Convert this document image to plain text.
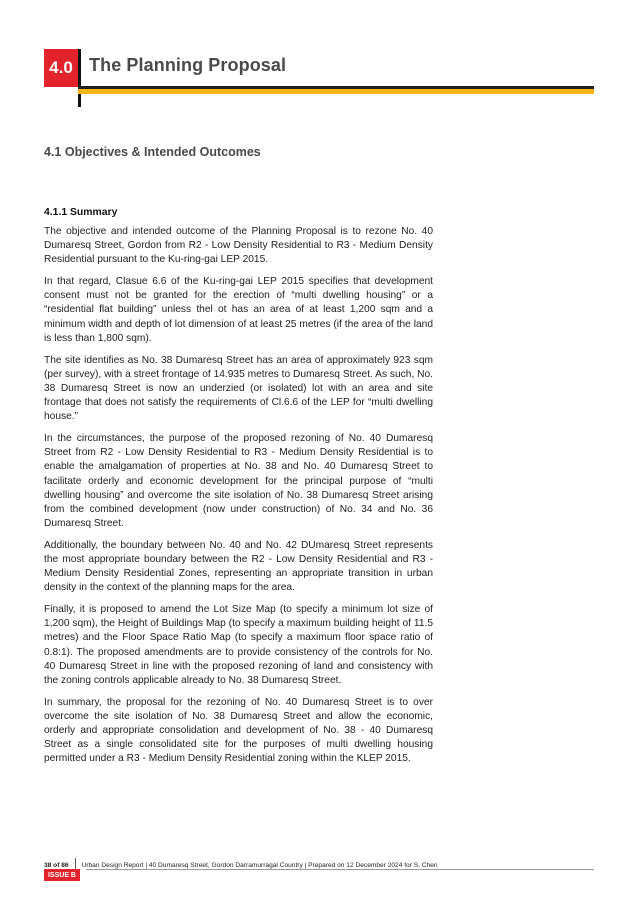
4.0 The Planning Proposal
4.1 Objectives & Intended Outcomes
4.1.1 Summary

The objective and intended outcome of the Planning Proposal is to rezone No. 40 Dumaresq Street, Gordon from R2 - Low Density Residential to R3 - Medium Density Residential pursuant to the Ku-ring-gai LEP 2015.

In that regard, Clasue 6.6 of the Ku-ring-gai LEP 2015 specifies that development consent must not be granted for the erection of “multi dwelling housing” or a “residential flat building” unless thel ot has an area of at least 1,200 sqm and a minimum width and depth of lot dimension of at least 25 metres (if the area of the land is less than 1,800 sqm).

The site identifies as No. 38 Dumaresq Street has an area of approximately 923 sqm (per survey), with a street frontage of 14.935 metres to Dumaresq Street. As such, No. 38 Dumaresq Street is now an underzied (or isolated) lot with an area and site frontage that does not satisfy the requirements of Cl.6.6 of the LEP for “multi dwelling house.”

In the circumstances, the purpose of the proposed rezoning of No. 40 Dumaresq Street from R2 - Low Density Residential to R3 - Medium Density Residential is to enable the amalgamation of properties at No. 38 and No. 40 Dumaresq Street to facilitate orderly and economic development for the principal purpose of “multi dwelling housing” and overcome the site isolation of No. 38 Dumaresq Street arising from the combined development (now under construction) of No. 34 and No. 36 Dumaresq Street.

Additionally, the boundary between No. 40 and No. 42 DUmaresq Street represents the most appropriate boundary between the R2 - Low Density Residential and R3 - Medium Density Residential Zones, representing an appropriate transition in urban density in the context of the planning maps for the area.

Finally, it is proposed to amend the Lot Size Map (to specify a minimum lot size of 1,200 sqm), the Height of Buildings Map (to specify a maximum building height of 11.5 metres) and the Floor Space Ratio Map (to specify a maximum floor space ratio of 0.8:1). The proposed amendments are to provide consistency of the controls for No. 40 Dumaresq Street in line with the proposed rezoning of land and consistency with the zoning controls applicable already to No. 38 Dumaresq Street.

In summary, the proposal for the rezoning of No. 40 Dumaresq Street is to over overcome the site isolation of No. 38 Dumaresq Street and allow the economic, orderly and appropriate consolidation and development of No. 38 - 40 Dumaresq Street as a single consolidated site for the purposes of multi dwelling housing permitted under a R3 - Medium Density Residential zoning within the KLEP 2015.

38 of 86 Urban Design Report | 40 Dumaresq Street, Gordon Darramurragal Country | Prepared on 12 December 2024 for S. Chen
ISSUE B
